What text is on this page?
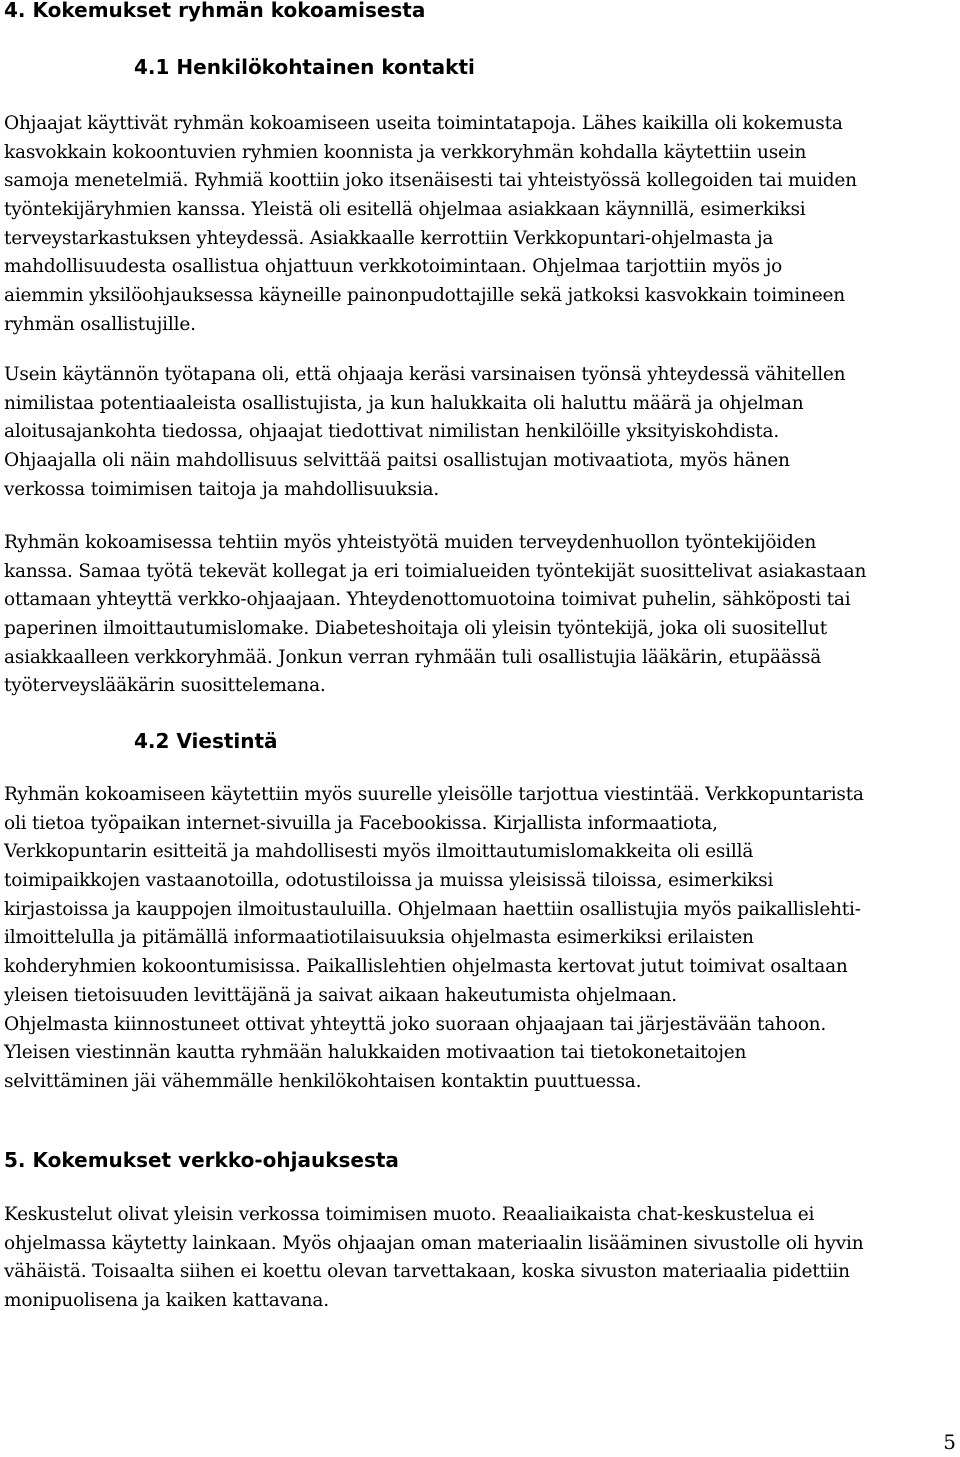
4. Kokemukset ryhmän kokoamisesta
4.1 Henkilökohtainen kontakti
Ohjaajat käyttivät ryhmän kokoamiseen useita toimintatapoja. Lähes kaikilla oli kokemusta
kasvokkain kokoontuvien ryhmien koonnista ja verkkoryhmän kohdalla käytettiin usein
samoja menetelmiä. Ryhmiä koottiin joko itsenäisesti tai yhteistyössä kollegoiden tai muiden
työntekijäryhmien kanssa. Yleistä oli esitellä ohjelmaa asiakkaan käynnillä, esimerkiksi
terveystarkastuksen yhteydessä. Asiakkaalle kerrottiin Verkkopuntari-ohjelmasta ja
mahdollisuudesta osallistua ohjattuun verkkotoimintaan. Ohjelmaa tarjottiin myös jo
aiemmin yksilöohjauksessa käyneille painonpudottajille sekä jatkoksi kasvokkain toimineen
ryhmän osallistujille.
Usein käytännön työtapana oli, että ohjaaja keräsi varsinaisen työnsä yhteydessä vähitellen
nimilistaa potentiaaleista osallistujista, ja kun halukkaita oli haluttu määrä ja ohjelman
aloitusajankohta tiedossa, ohjaajat tiedottivat nimilistan henkilöille yksityiskohdista.
Ohjaajalla oli näin mahdollisuus selvittää paitsi osallistujan motivaatiota, myös hänen
verkossa toimimisen taitoja ja mahdollisuuksia.
Ryhmän kokoamisessa tehtiin myös yhteistyötä muiden terveydenhuollon työntekijöiden
kanssa. Samaa työtä tekevät kollegat ja eri toimialueiden työntekijät suosittelivat asiakastaan
ottamaan yhteyttä verkko-ohjaajaan. Yhteydenottomuotoina toimivat puhelin, sähköposti tai
paperinen ilmoittautumislomake. Diabeteshoitaja oli yleisin työntekijä, joka oli suositellut
asiakkaalleen verkkoryhmää. Jonkun verran ryhmään tuli osallistujia lääkärin, etupäässä
työterveyslääkärin suosittelemana.
4.2 Viestintä
Ryhmän kokoamiseen käytettiin myös suurelle yleisölle tarjottua viestintää. Verkkopuntarista
oli tietoa työpaikan internet-sivuilla ja Facebookissa. Kirjallista informaatiota,
Verkkopuntarin esitteitä ja mahdollisesti myös ilmoittautumislomakkeita oli esillä
toimipaikkojen vastaanotoilla, odotustiloissa ja muissa yleisissä tiloissa, esimerkiksi
kirjastoissa ja kauppojen ilmoitustauluilla. Ohjelmaan haettiin osallistujia myös paikallislehti-
ilmoittelulla ja pitämällä informaatiotilaisuuksia ohjelmasta esimerkiksi erilaisten
kohderyhmien kokoontumisissa. Paikallislehtien ohjelmasta kertovat jutut toimivat osaltaan
yleisen tietoisuuden levittäjänä ja saivat aikaan hakeutumista ohjelmaan.
Ohjelmasta kiinnostuneet ottivat yhteyttä joko suoraan ohjaajaan tai järjestävään tahoon.
Yleisen viestinnän kautta ryhmään halukkaiden motivaation tai tietokonetaitojen
selvittäminen jäi vähemmälle henkilökohtaisen kontaktin puuttuessa.
5. Kokemukset verkko-ohjauksesta
Keskustelut olivat yleisin verkossa toimimisen muoto. Reaaliaikaista chat-keskustelua ei
ohjelmassa käytetty lainkaan. Myös ohjaajan oman materiaalin lisääminen sivustolle oli hyvin
vähäistä. Toisaalta siihen ei koettu olevan tarvettakaan, koska sivuston materiaalia pidettiin
monipuolisena ja kaiken kattavana.
5
